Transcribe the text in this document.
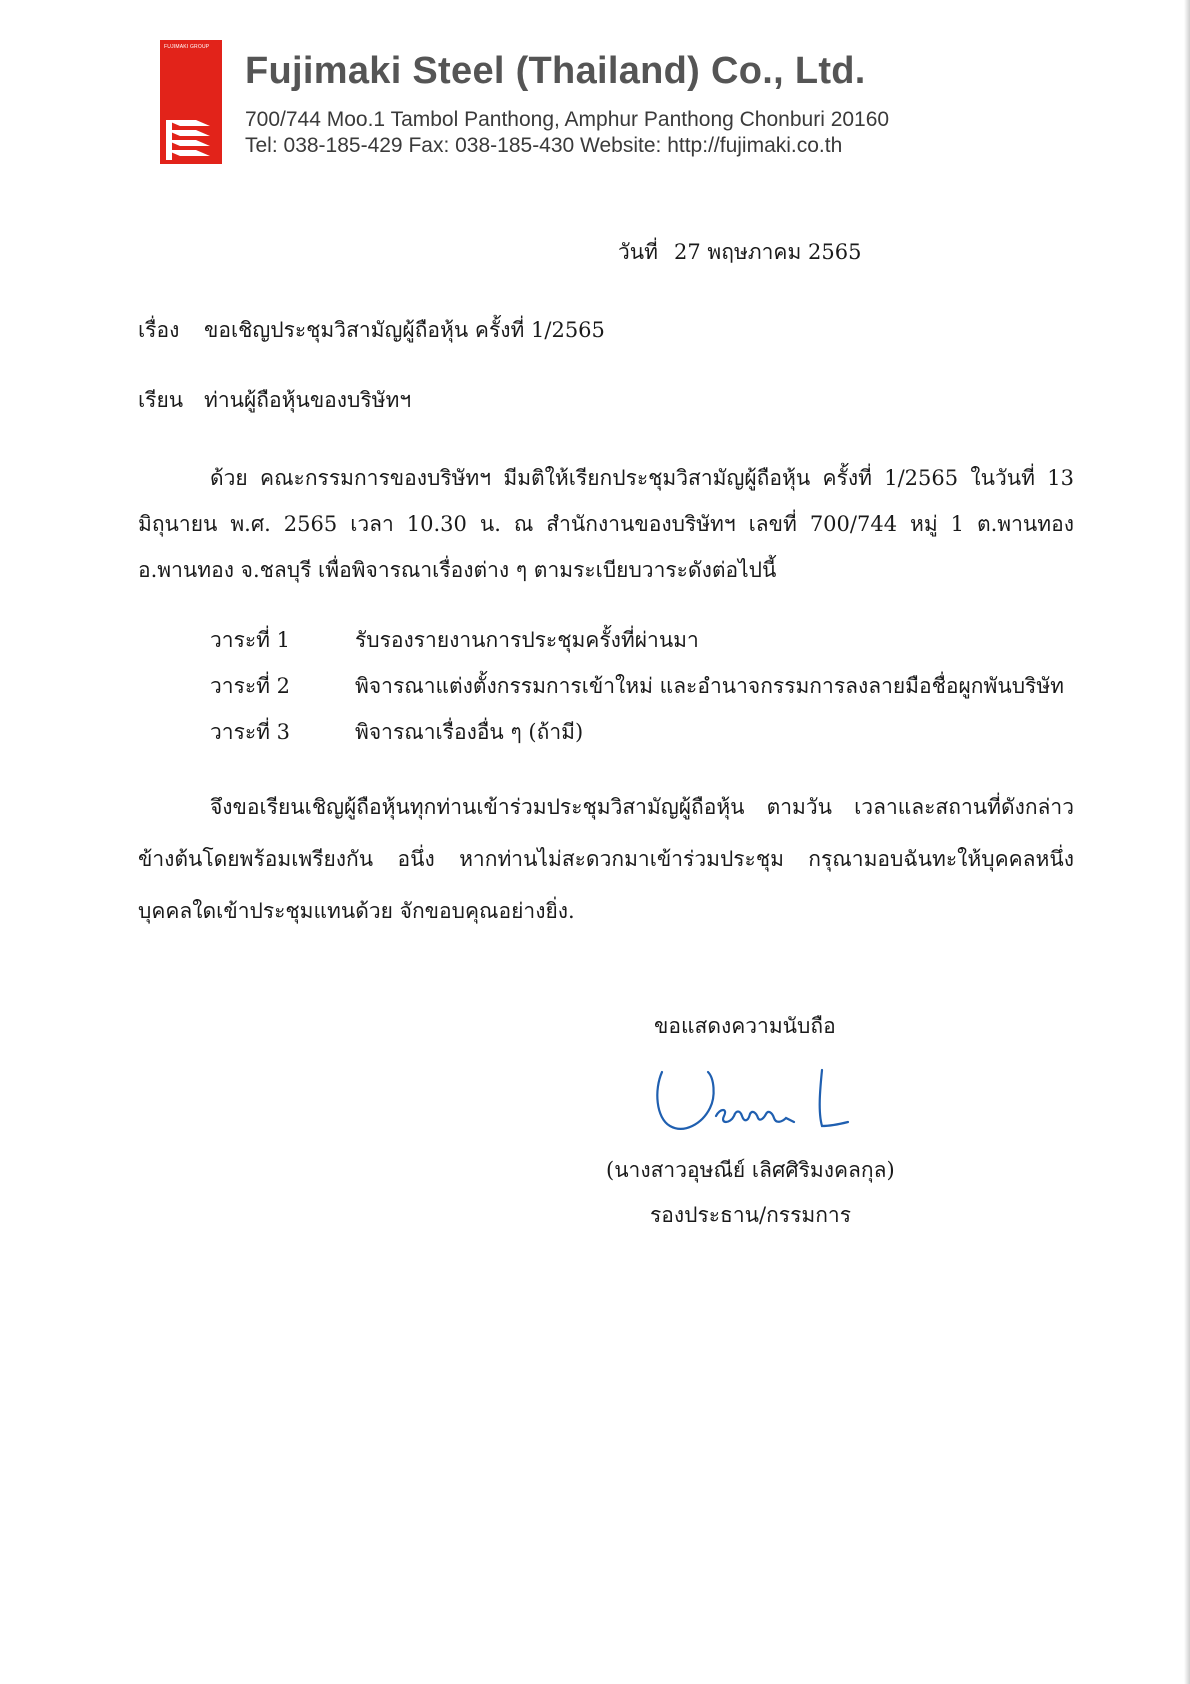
FUJIMAKI GROUP
Fujimaki Steel (Thailand) Co., Ltd.
700/744 Moo.1 Tambol Panthong, Amphur Panthong Chonburi 20160
Tel: 038-185-429 Fax: 038-185-430 Website: http://fujimaki.co.th
วันที่ 27 พฤษภาคม 2565
เรื่อง ขอเชิญประชุมวิสามัญผู้ถือหุ้น ครั้งที่ 1/2565
เรียน ท่านผู้ถือหุ้นของบริษัทฯ
ด้วย คณะกรรมการของบริษัทฯ มีมติให้เรียกประชุมวิสามัญผู้ถือหุ้น ครั้งที่ 1/2565 ในวันที่ 13 มิถุนายน พ.ศ. 2565 เวลา 10.30 น. ณ สำนักงานของบริษัทฯ เลขที่ 700/744 หมู่ 1 ต.พานทอง อ.พานทอง จ.ชลบุรี เพื่อพิจารณาเรื่องต่าง ๆ ตามระเบียบวาระดังต่อไปนี้
วาระที่ 1	รับรองรายงานการประชุมครั้งที่ผ่านมา
วาระที่ 2	พิจารณาแต่งตั้งกรรมการเข้าใหม่ และอำนาจกรรมการลงลายมือชื่อผูกพันบริษัท
วาระที่ 3	พิจารณาเรื่องอื่น ๆ (ถ้ามี)
จึงขอเรียนเชิญผู้ถือหุ้นทุกท่านเข้าร่วมประชุมวิสามัญผู้ถือหุ้น ตามวัน เวลาและสถานที่ดังกล่าวข้างต้นโดยพร้อมเพรียงกัน อนึ่ง หากท่านไม่สะดวกมาเข้าร่วมประชุม กรุณามอบฉันทะให้บุคคลหนึ่งบุคคลใดเข้าประชุมแทนด้วย จักขอบคุณอย่างยิ่ง.
ขอแสดงความนับถือ
(นางสาวอุษณีย์ เลิศศิริมงคลกุล)
รองประธาน/กรรมการ
